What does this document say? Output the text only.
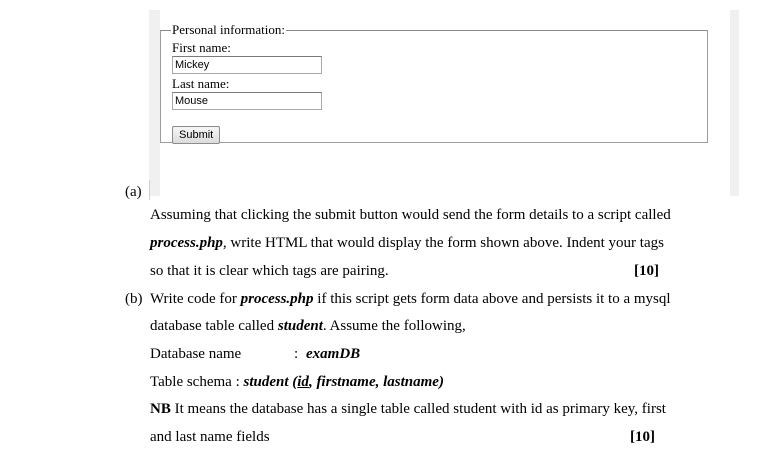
Personal information:
First name:
Mickey
Last name:
Mouse
Submit
(a)
Assuming that clicking the submit button would send the form details to a script called
process.php, write HTML that would display the form shown above. Indent your tags
so that it is clear which tags are pairing.	[10]
(b) Write code for process.php if this script gets form data above and persists it to a mysql
database table called student. Assume the following,
Database name	: examDB
Table schema : student (id, firstname, lastname)
NB It means the database has a single table called student with id as primary key, first
and last name fields	[10]
